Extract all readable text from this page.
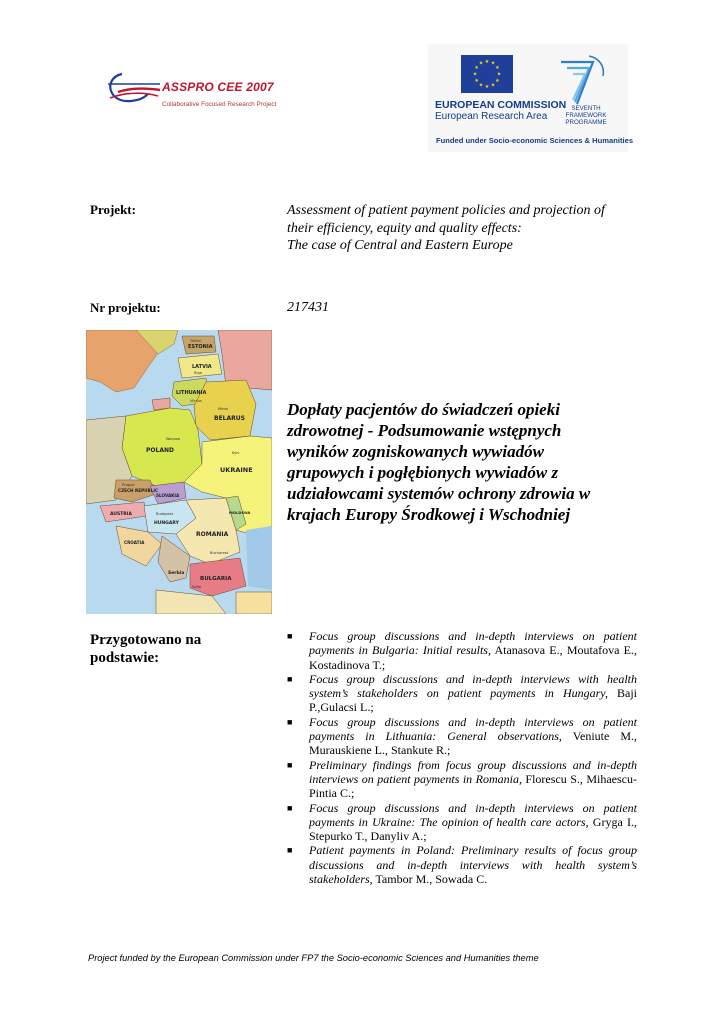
ASSPRO CEE 2007
Collaborative Focused Research Project
★ ★
★
★
★
★
★
★
★
★
★
★
EUROPEAN COMMISSION
European Research Area
SEVENTH FRAMEWORK
PROGRAMME
Funded under Socio-economic Sciences & Humanities
Projekt:	Assessment of patient payment policies and projection of
their efficiency, equity and quality effects:
The case of Central and Eastern Europe
Nr projektu:	217431
ESTONIA
LATVIA
LITHUANIA
BELARUS
POLAND
UKRAINE
CZECH REPUBLIC
SLOVAKIA
AUSTRIA
HUNGARY
ROMANIA
MOLDOVA
CROATIA
Serbia
BULGARIA
Tallinn
Riga
Vilnius
Minsk
Warsaw
Kyiv
Prague
Budapest
Bucharest
Sofia
Dopłaty pacjentów do świadczeń opieki
zdrowotnej - Podsumowanie wstępnych
wyników zogniskowanych wywiadów
grupowych i pogłębionych wywiadów z
udziałowcami systemów ochrony zdrowia w
krajach Europy Środkowej i Wschodniej
Przygotowano na podstawie:
■ Focus group discussions and in-depth interviews on patient payments in Bulgaria: Initial results, Atanasova E., Moutafova E., Kostadinova T.;
■ Focus group discussions and in-depth interviews with health system’s stakeholders on patient payments in Hungary, Baji P.,Gulacsi L.;
■ Focus group discussions and in-depth interviews on patient payments in Lithuania: General observations, Veniute M., Murauskiene L., Stankute R.;
■ Preliminary findings from focus group discussions and in-depth interviews on patient payments in Romania, Florescu S., Mihaescu-Pintia C.;
■ Focus group discussions and in-depth interviews on patient payments in Ukraine: The opinion of health care actors, Gryga I., Stepurko T., Danyliv A.;
■ Patient payments in Poland: Preliminary results of focus group discussions and in-depth interviews with health system’s stakeholders, Tambor M., Sowada C.
Project funded by the European Commission under FP7 the Socio-economic Sciences and Humanities theme
